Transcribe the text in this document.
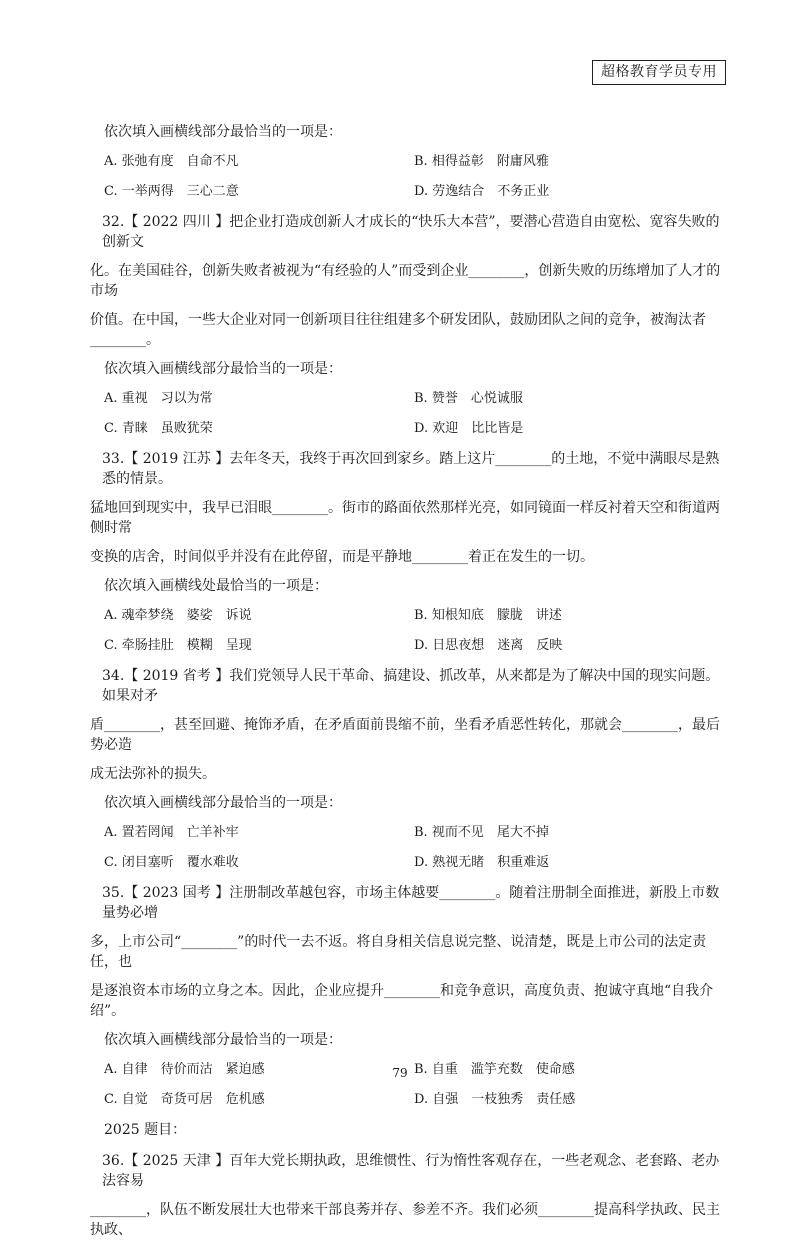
超格教育学员专用

依次填入画横线部分最恰当的一项是：

A. 张弛有度　自命不凡	B. 相得益彰　附庸风雅
C. 一举两得　三心二意	D. 劳逸结合　不务正业

32.【 2022 四川 】把企业打造成创新人才成长的“快乐大本营”，要潜心营造自由宽松、宽容失败的创新文

化。在美国硅谷，创新失败者被视为“有经验的人”而受到企业________，创新失败的历练增加了人才的市场

价值。在中国，一些大企业对同一创新项目往往组建多个研发团队，鼓励团队之间的竞争，被淘汰者________。

依次填入画横线部分最恰当的一项是：

A. 重视　习以为常	B. 赞誉　心悦诚服
C. 青睐　虽败犹荣	D. 欢迎　比比皆是

33.【 2019 江苏 】去年冬天，我终于再次回到家乡。踏上这片________的土地，不觉中满眼尽是熟悉的情景。

猛地回到现实中，我早已泪眼________。街市的路面依然那样光亮，如同镜面一样反衬着天空和街道两侧时常

变换的店舍，时间似乎并没有在此停留，而是平静地________着正在发生的一切。

依次填入画横线处最恰当的一项是：

A. 魂牵梦绕　婆娑　诉说	B. 知根知底　朦胧　讲述
C. 牵肠挂肚　模糊　呈现	D. 日思夜想　迷离　反映

34.【 2019 省考 】我们党领导人民干革命、搞建设、抓改革，从来都是为了解决中国的现实问题。如果对矛

盾________，甚至回避、掩饰矛盾，在矛盾面前畏缩不前，坐看矛盾恶性转化，那就会________，最后势必造

成无法弥补的损失。

依次填入画横线部分最恰当的一项是：

A. 置若罔闻　亡羊补牢	B. 视而不见　尾大不掉
C. 闭目塞听　覆水难收	D. 熟视无睹　积重难返

35.【 2023 国考 】注册制改革越包容，市场主体越要________。随着注册制全面推进，新股上市数量势必增

多，上市公司“________”的时代一去不返。将自身相关信息说完整、说清楚，既是上市公司的法定责任，也

是逐浪资本市场的立身之本。因此，企业应提升________和竞争意识，高度负责、抱诚守真地“自我介绍”。

依次填入画横线部分最恰当的一项是：

A. 自律　待价而沽　紧迫感	B. 自重　滥竽充数　使命感
C. 自觉　奇货可居　危机感	D. 自强　一枝独秀　责任感

2025 题目：

36.【 2025 天津 】百年大党长期执政，思维惯性、行为惰性客观存在，一些老观念、老套路、老办法容易

________，队伍不断发展壮大也带来干部良莠并存、参差不齐。我们必须________提高科学执政、民主执政、

79
